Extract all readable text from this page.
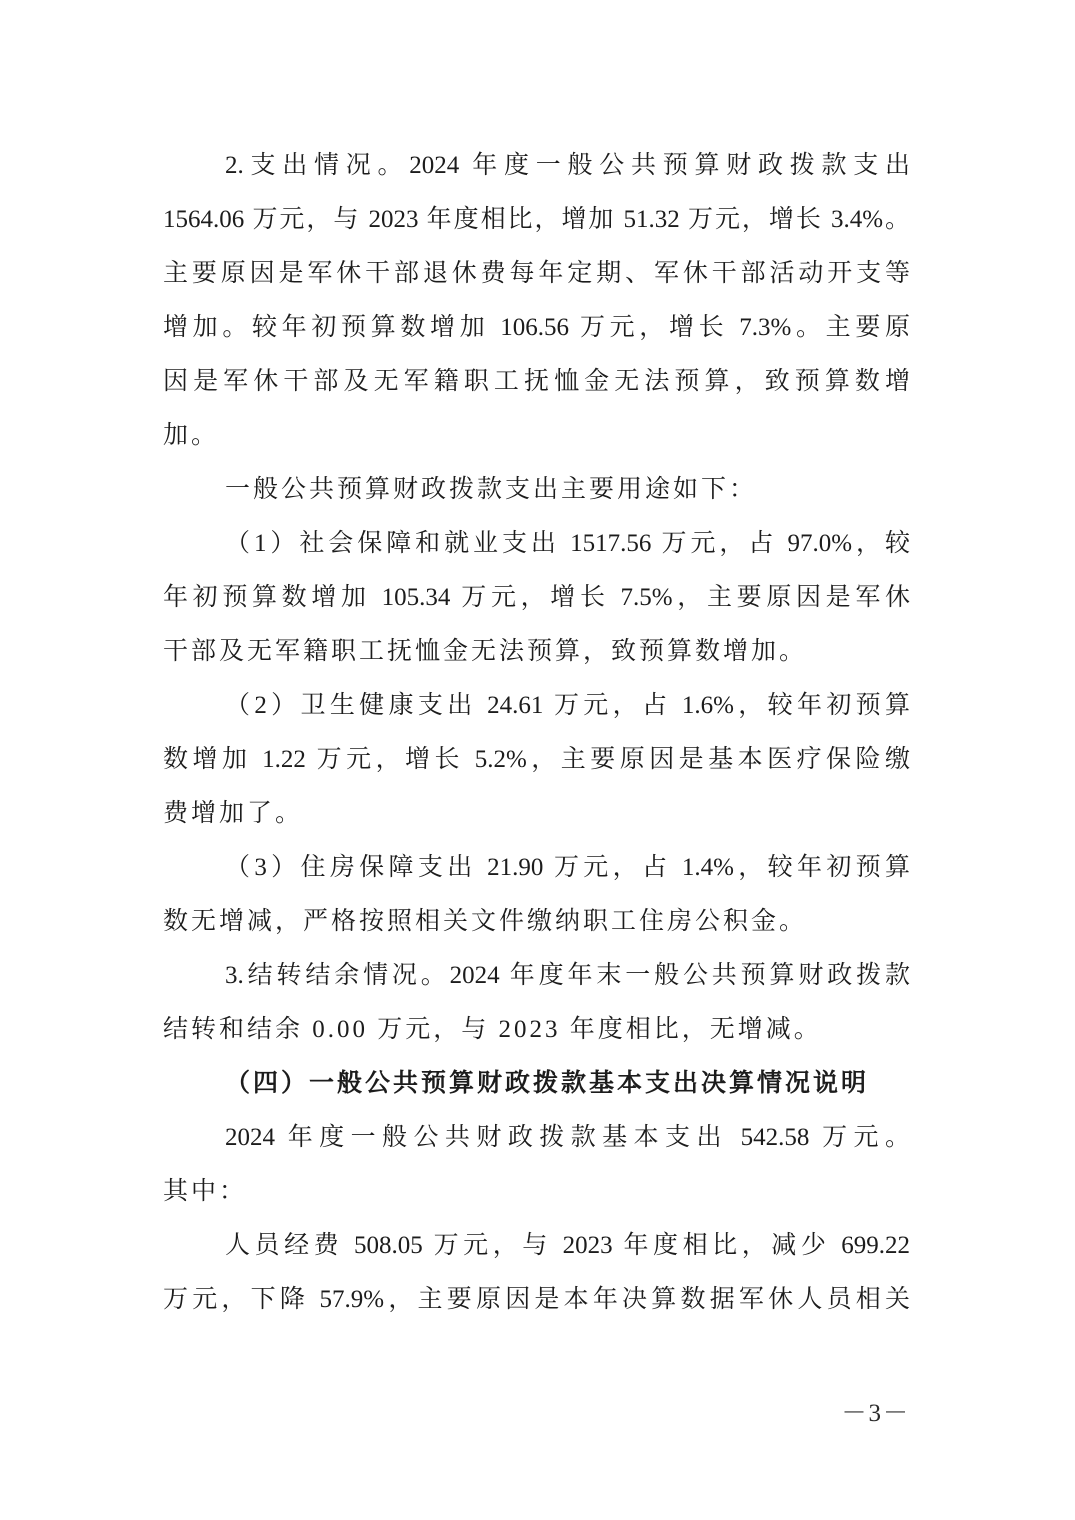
2.支出情况。2024 年度一般公共预算财政拨款支出
1564.06 万元，与 2023 年度相比，增加 51.32 万元，增长 3.4%。
主要原因是军休干部退休费每年定期、军休干部活动开支等
增加。较年初预算数增加 106.56 万元，增长 7.3%。主要原
因是军休干部及无军籍职工抚恤金无法预算，致预算数增
加。
一般公共预算财政拨款支出主要用途如下：
（1）社会保障和就业支出 1517.56 万元，占 97.0%，较
年初预算数增加 105.34 万元，增长 7.5%，主要原因是军休
干部及无军籍职工抚恤金无法预算，致预算数增加。
（2）卫生健康支出 24.61 万元，占 1.6%，较年初预算
数增加 1.22 万元，增长 5.2%，主要原因是基本医疗保险缴
费增加了。
（3）住房保障支出 21.90 万元，占 1.4%，较年初预算
数无增减，严格按照相关文件缴纳职工住房公积金。
3.结转结余情况。2024 年度年末一般公共预算财政拨款
结转和结余 0.00 万元，与 2023 年度相比，无增减。
（四）一般公共预算财政拨款基本支出决算情况说明
2024 年度一般公共财政拨款基本支出 542.58 万元。
其中：
人员经费 508.05 万元，与 2023 年度相比，减少 699.22
万元，下降 57.9%，主要原因是本年决算数据军休人员相关
－3－
